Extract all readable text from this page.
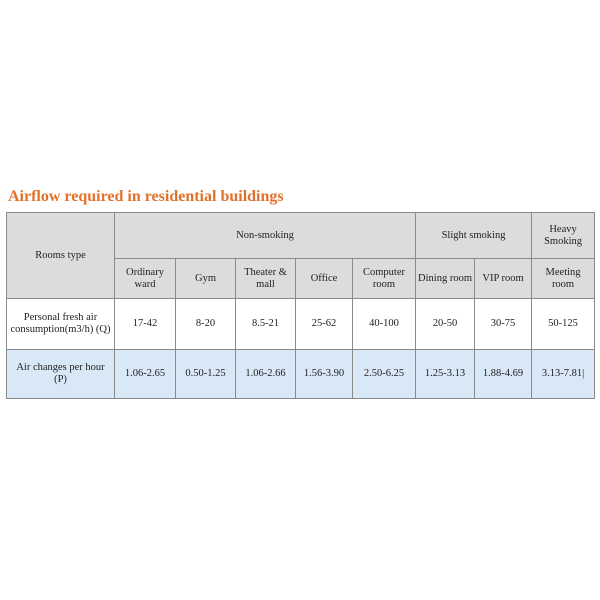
Airflow required in residential buildings
Rooms type	Non-smoking					Slight smoking		Heavy Smoking
	Ordinary ward	Gym	Theater & mall	Office	Computer room	Dining room	VIP room	Meeting room
Personal fresh air consumption(m3/h) (Q)	17-42	8-20	8.5-21	25-62	40-100	20-50	30-75	50-125
Air changes per hour (P)	1.06-2.65	0.50-1.25	1.06-2.66	1.56-3.90	2.50-6.25	1.25-3.13	1.88-4.69	3.13-7.81|
